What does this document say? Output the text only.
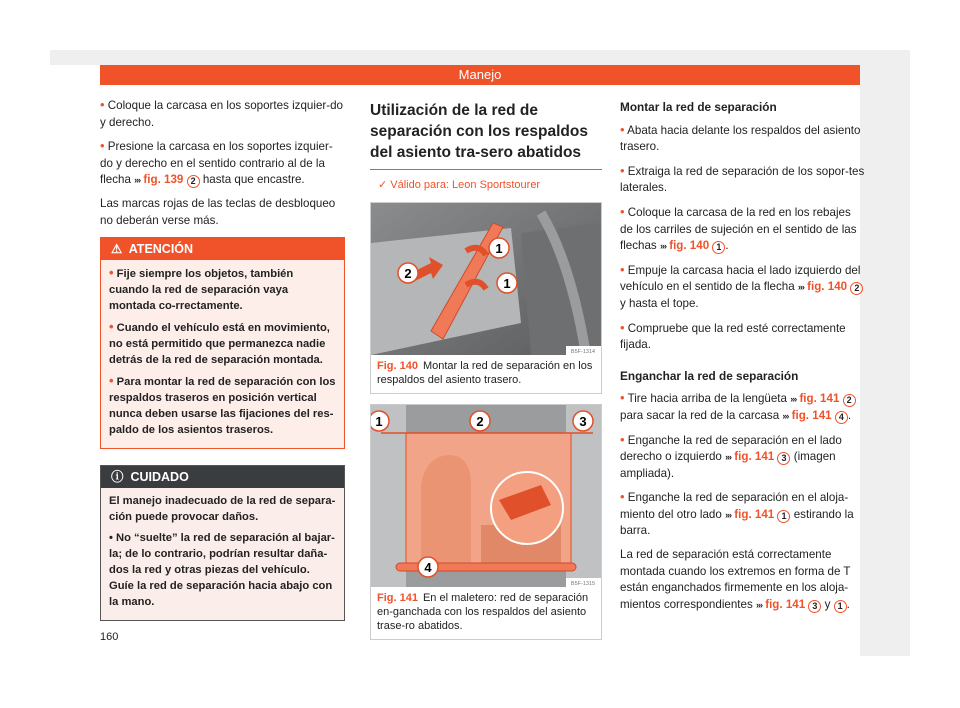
Manejo

• Coloque la carcasa en los soportes izquier-do y derecho.

• Presione la carcasa en los soportes izquier-do y derecho en el sentido contrario al de la flecha ››› fig. 139 2 hasta que encastre.

Las marcas rojas de las teclas de desbloqueo no deberán verse más.

⚠ ATENCIÓN

• Fije siempre los objetos, también cuando la red de separación vaya montada co-rrectamente.

• Cuando el vehículo está en movimiento, no está permitido que permanezca nadie detrás de la red de separación montada.

• Para montar la red de separación con los respaldos traseros en posición vertical nunca deben usarse las fijaciones del res-paldo de los asientos traseros.

ⓘ CUIDADO

El manejo inadecuado de la red de separa-ción puede provocar daños.

• No “suelte” la red de separación al bajar-la; de lo contrario, podrían resultar daña-dos la red y otras piezas del vehículo. Guíe la red de separación hacia abajo con la mano.

Utilización de la red de separación con los respaldos del asiento tra-sero abatidos
✓ Válido para: Leon Sportstourer
1
1
2
B5F-1314
Fig. 140 Montar la red de separación en los respaldos del asiento trasero.
1	2	3
4
B5F-1315
Fig. 141 En el maletero: red de separación en-ganchada con los respaldos del asiento trase-ro abatidos.
Montar la red de separación

• Abata hacia delante los respaldos del asiento trasero.

• Extraiga la red de separación de los sopor-tes laterales.

• Coloque la carcasa de la red en los rebajes de los carriles de sujeción en el sentido de las flechas ››› fig. 140 1 .

• Empuje la carcasa hacia el lado izquierdo del vehículo en el sentido de la flecha ››› fig. 140 2 y hasta el tope.

• Compruebe que la red esté correctamente fijada.

Enganchar la red de separación

• Tire hacia arriba de la lengüeta ››› fig. 141 2 para sacar la red de la carcasa ››› fig. 141 4 .

• Enganche la red de separación en el lado derecho o izquierdo ››› fig. 141 3 (imagen ampliada).

• Enganche la red de separación en el aloja-miento del otro lado ››› fig. 141 1 estirando la barra.

La red de separación está correctamente montada cuando los extremos en forma de T están enganchados firmemente en los aloja-mientos correspondientes ››› fig. 141 3 y 1 .

160
